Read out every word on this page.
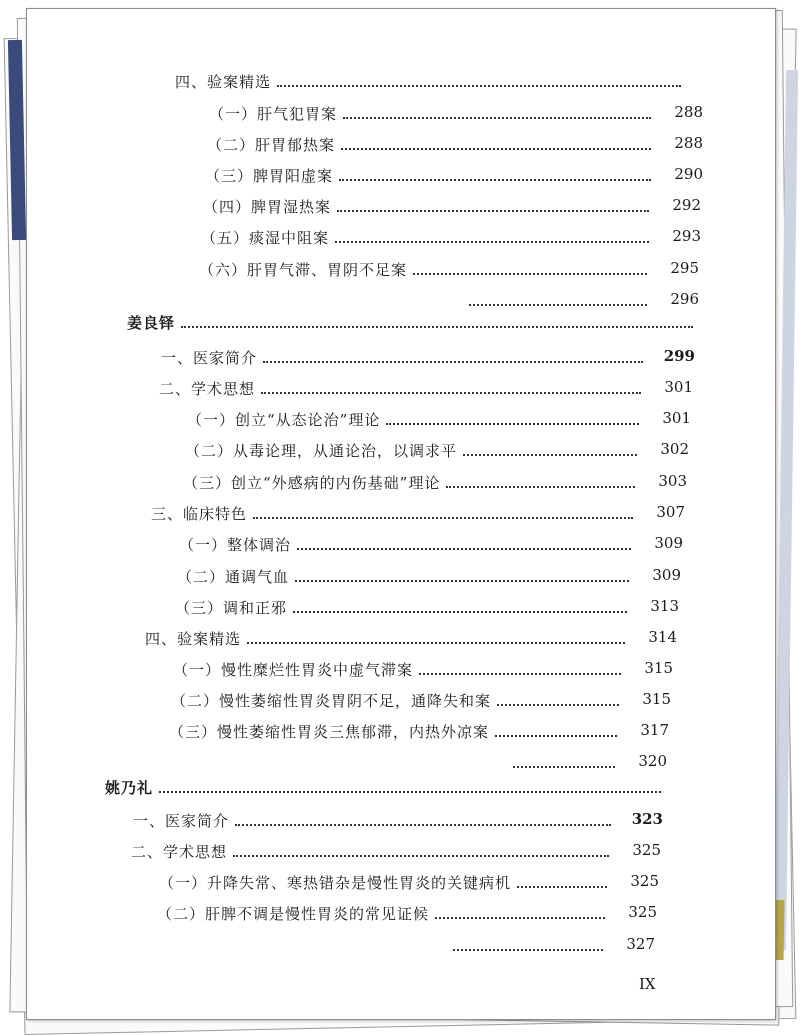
四、验案精选
（一）肝气犯胃案	288
（二）肝胃郁热案	288
（三）脾胃阳虚案	290
（四）脾胃湿热案	292
（五）痰湿中阻案	293
（六）肝胃气滞、胃阴不足案	295
296
姜良铎
一、医家简介	299
二、学术思想	301
（一）创立“从态论治”理论	301
（二）从毒论理，从通论治，以调求平	302
（三）创立“外感病的内伤基础”理论	303
三、临床特色	307
（一）整体调治	309
（二）通调气血	309
（三）调和正邪	313
四、验案精选	314
（一）慢性糜烂性胃炎中虚气滞案	315
（二）慢性萎缩性胃炎胃阴不足，通降失和案	315
（三）慢性萎缩性胃炎三焦郁滞，内热外凉案	317
320
姚乃礼
一、医家简介	323
二、学术思想	325
（一）升降失常、寒热错杂是慢性胃炎的关键病机	325
（二）肝脾不调是慢性胃炎的常见证候	325
327
IX
